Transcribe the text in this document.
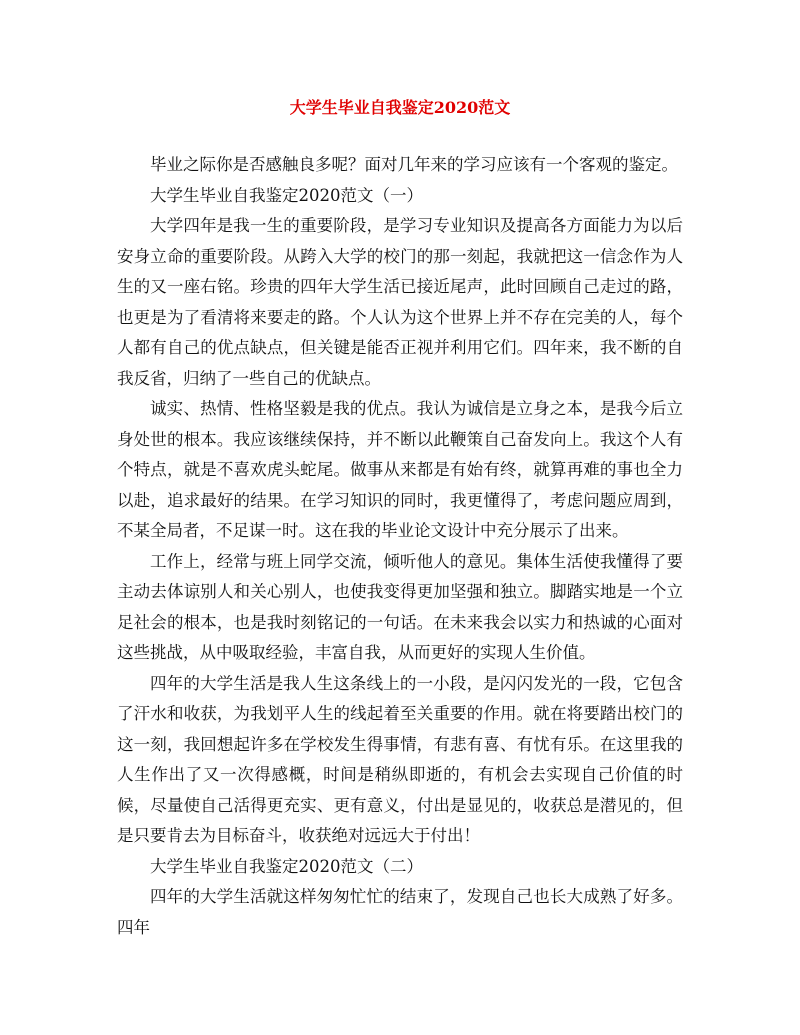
大学生毕业自我鉴定2020范文

毕业之际你是否感触良多呢？面对几年来的学习应该有一个客观的鉴定。

大学生毕业自我鉴定2020范文（一）

大学四年是我一生的重要阶段，是学习专业知识及提高各方面能力为以后安身立命的重要阶段。从跨入大学的校门的那一刻起，我就把这一信念作为人生的又一座右铭。珍贵的四年大学生活已接近尾声，此时回顾自己走过的路，也更是为了看清将来要走的路。个人认为这个世界上并不存在完美的人，每个人都有自己的优点缺点，但关键是能否正视并利用它们。四年来，我不断的自我反省，归纳了一些自己的优缺点。

诚实、热情、性格坚毅是我的优点。我认为诚信是立身之本，是我今后立身处世的根本。我应该继续保持，并不断以此鞭策自己奋发向上。我这个人有个特点，就是不喜欢虎头蛇尾。做事从来都是有始有终，就算再难的事也全力以赴，追求最好的结果。在学习知识的同时，我更懂得了，考虑问题应周到，不某全局者，不足谋一时。这在我的毕业论文设计中充分展示了出来。

工作上，经常与班上同学交流，倾听他人的意见。集体生活使我懂得了要主动去体谅别人和关心别人，也使我变得更加坚强和独立。脚踏实地是一个立足社会的根本，也是我时刻铭记的一句话。在未来我会以实力和热诚的心面对这些挑战，从中吸取经验，丰富自我，从而更好的实现人生价值。

四年的大学生活是我人生这条线上的一小段，是闪闪发光的一段，它包含了汗水和收获，为我划平人生的线起着至关重要的作用。就在将要踏出校门的这一刻，我回想起许多在学校发生得事情，有悲有喜、有忧有乐。在这里我的人生作出了又一次得感概，时间是稍纵即逝的，有机会去实现自己价值的时候，尽量使自己活得更充实、更有意义，付出是显见的，收获总是潜见的，但是只要肯去为目标奋斗，收获绝对远远大于付出！

大学生毕业自我鉴定2020范文（二）

四年的大学生活就这样匆匆忙忙的结束了，发现自己也长大成熟了好多。四年
